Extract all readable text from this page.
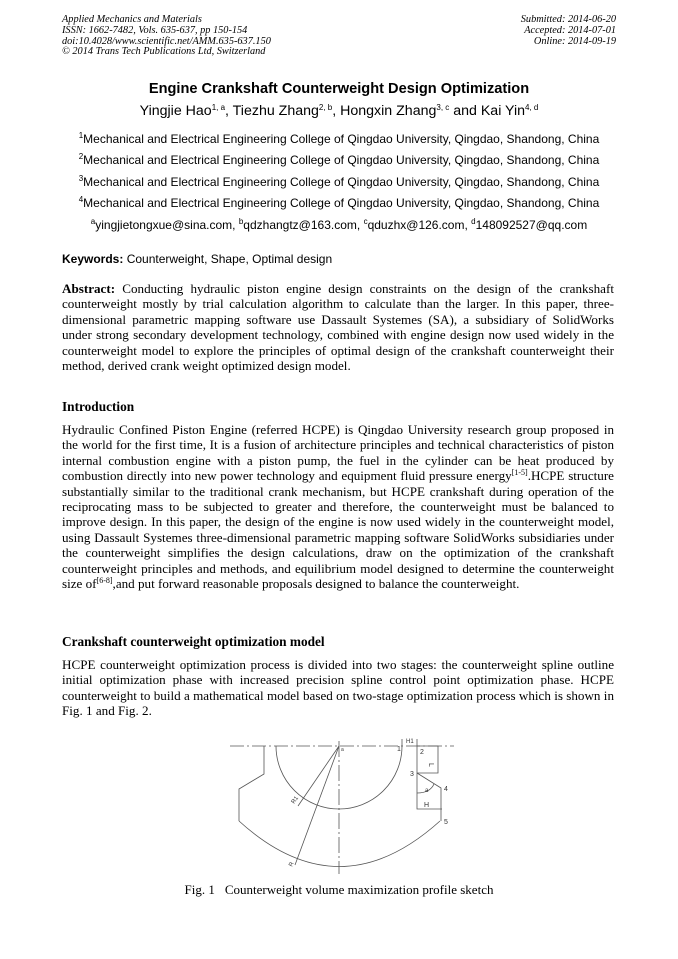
Applied Mechanics and Materials
ISSN: 1662-7482, Vols. 635-637, pp 150-154
doi:10.4028/www.scientific.net/AMM.635-637.150
© 2014 Trans Tech Publications Ltd, Switzerland
Submitted: 2014-06-20
Accepted: 2014-07-01
Online: 2014-09-19
Engine Crankshaft Counterweight Design Optimization
Yingjie Hao$^{1, a}$, Tiezhu Zhang$^{2, b}$, Hongxin Zhang$^{3, c}$ and Kai Yin$^{4, d}$
$^1$Mechanical and Electrical Engineering College of Qingdao University, Qingdao, Shandong, China
$^2$Mechanical and Electrical Engineering College of Qingdao University, Qingdao, Shandong, China
$^3$Mechanical and Electrical Engineering College of Qingdao University, Qingdao, Shandong, China
$^4$Mechanical and Electrical Engineering College of Qingdao University, Qingdao, Shandong, China
$^a$yingjietongxue@sina.com, $^b$qdzhangtz@163.com, $^c$qduzhx@126.com, $^d$148092527@qq.com
Keywords: Counterweight, Shape, Optimal design
Abstract: Conducting hydraulic piston engine design constraints on the design of the crankshaft counterweight mostly by trial calculation algorithm to calculate than the larger. In this paper, three-dimensional parametric mapping software use Dassault Systemes (SA), a subsidiary of SolidWorks under strong secondary development technology, combined with engine design now used widely in the counterweight model to explore the principles of optimal design of the crankshaft counterweight their method, derived crank weight optimized design model.
Introduction
Hydraulic Confined Piston Engine (referred HCPE) is Qingdao University research group proposed in the world for the first time, It is a fusion of architecture principles and technical characteristics of piston internal combustion engine with a piston pump, the fuel in the cylinder can be heat produced by combustion directly into new power technology and equipment fluid pressure energy[1-5].HCPE structure substantially similar to the traditional crank mechanism, but HCPE crankshaft during operation of the reciprocating mass to be subjected to greater and therefore, the counterweight must be balanced to improve design. In this paper, the design of the engine is now used widely in the counterweight model, using Dassault Systemes three-dimensional parametric mapping software SolidWorks subsidiaries under the counterweight simplifies the design calculations, draw on the optimization of the crankshaft counterweight principles and methods, and equilibrium model designed to determine the counterweight size of[6-8],and put forward reasonable proposals designed to balance the counterweight.
Crankshaft counterweight optimization model
HCPE counterweight optimization process is divided into two stages: the counterweight spline outline initial optimization phase with increased precision spline control point optimization phase. HCPE counterweight to build a mathematical model based on two-stage optimization process which is shown in Fig. 1 and Fig. 2.
1	2
3
4
5
a
H1
L
H
a
R1
R
Fig. 1 Counterweight volume maximization profile sketch
